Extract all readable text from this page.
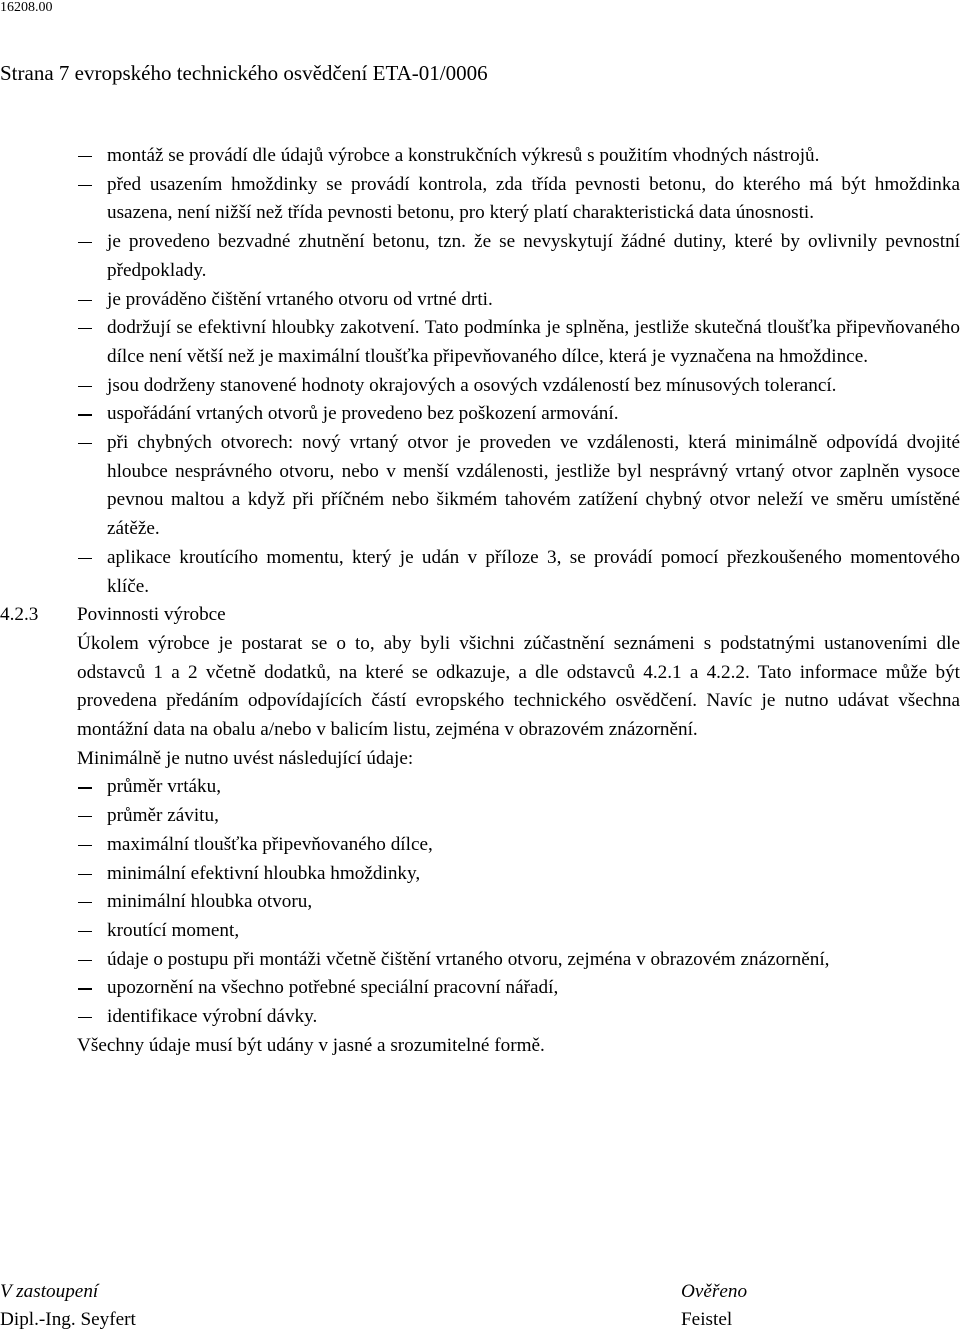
16208.00
Strana 7 evropského technického osvědčení ETA-01/0006
montáž se provádí dle údajů výrobce a konstrukčních výkresů s použitím vhodných nástrojů.
před usazením hmoždinky se provádí kontrola, zda třída pevnosti betonu, do kterého má být hmoždinka usazena, není nižší než třída pevnosti betonu, pro který platí charakteristická data únosnosti.
je provedeno bezvadné zhutnění betonu, tzn. že se nevyskytují žádné dutiny, které by ovlivnily pevnostní předpoklady.
je prováděno čištění vrtaného otvoru od vrtné drti.
dodržují se efektivní hloubky zakotvení. Tato podmínka je splněna, jestliže skutečná tloušťka připevňovaného dílce není větší než je maximální tloušťka připevňovaného dílce, která je vyznačena na hmoždince.
jsou dodrženy stanovené hodnoty okrajových a osových vzdáleností bez mínusových tolerancí.
uspořádání vrtaných otvorů je provedeno bez poškození armování.
při chybných otvorech: nový vrtaný otvor je proveden ve vzdálenosti, která minimálně odpovídá dvojité hloubce nesprávného otvoru, nebo v menší vzdálenosti, jestliže byl nesprávný vrtaný otvor zaplněn vysoce pevnou maltou a když při příčném nebo šikmém tahovém zatížení chybný otvor neleží ve směru umístěné zátěže.
aplikace kroutícího momentu, který je udán v příloze 3, se provádí pomocí přezkoušeného momentového klíče.
4.2.3 Povinnosti výrobce

Úkolem výrobce je postarat se o to, aby byli všichni zúčastnění seznámeni s podstatnými ustanoveními dle odstavců 1 a 2 včetně dodatků, na které se odkazuje, a dle odstavců 4.2.1 a 4.2.2. Tato informace může být provedena předáním odpovídajících částí evropského technického osvědčení. Navíc je nutno udávat všechna montážní data na obalu a/nebo v balicím listu, zejména v obrazovém znázornění.

Minimálně je nutno uvést následující údaje:

průměr vrtáku,
průměr závitu,
maximální tloušťka připevňovaného dílce,
minimální efektivní hloubka hmoždinky,
minimální hloubka otvoru,
kroutící moment,
údaje o postupu při montáži včetně čištění vrtaného otvoru, zejména v obrazovém znázornění,
upozornění na všechno potřebné speciální pracovní nářadí,
identifikace výrobní dávky.

Všechny údaje musí být udány v jasné a srozumitelné formě.

V zastoupení
Dipl.-Ing. Seyfert
Ověřeno
Feistel
